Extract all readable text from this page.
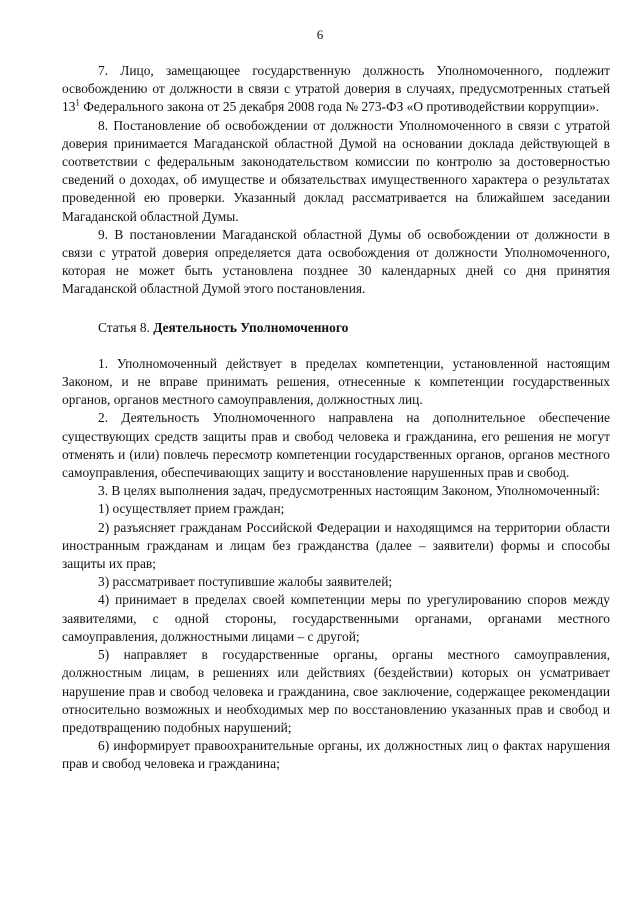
6

7. Лицо, замещающее государственную должность Уполномоченного, подлежит освобождению от должности в связи с утратой доверия в случаях, предусмотренных статьей $13^1$ Федерального закона от 25 декабря 2008 года № 273-ФЗ «О противодействии коррупции».

8. Постановление об освобождении от должности Уполномоченного в связи с утратой доверия принимается Магаданской областной Думой на основании доклада действующей в соответствии с федеральным законодательством комиссии по контролю за достоверностью сведений о доходах, об имуществе и обязательствах имущественного характера о результатах проведенной ею проверки. Указанный доклад рассматривается на ближайшем заседании Магаданской областной Думы.

9. В постановлении Магаданской областной Думы об освобождении от должности в связи с утратой доверия определяется дата освобождения от должности Уполномоченного, которая не может быть установлена позднее 30 календарных дней со дня принятия Магаданской областной Думой этого постановления.

Статья 8. Деятельность Уполномоченного

1. Уполномоченный действует в пределах компетенции, установленной настоящим Законом, и не вправе принимать решения, отнесенные к компетенции государственных органов, органов местного самоуправления, должностных лиц.

2. Деятельность Уполномоченного направлена на дополнительное обеспечение существующих средств защиты прав и свобод человека и гражданина, его решения не могут отменять и (или) повлечь пересмотр компетенции государственных органов, органов местного самоуправления, обеспечивающих защиту и восстановление нарушенных прав и свобод.

3. В целях выполнения задач, предусмотренных настоящим Законом, Уполномоченный:

1) осуществляет прием граждан;

2) разъясняет гражданам Российской Федерации и находящимся на территории области иностранным гражданам и лицам без гражданства (далее – заявители) формы и способы защиты их прав;

3) рассматривает поступившие жалобы заявителей;

4) принимает в пределах своей компетенции меры по урегулированию споров между заявителями, с одной стороны, государственными органами, органами местного самоуправления, должностными лицами – с другой;

5) направляет в государственные органы, органы местного самоуправления, должностным лицам, в решениях или действиях (бездействии) которых он усматривает нарушение прав и свобод человека и гражданина, свое заключение, содержащее рекомендации относительно возможных и необходимых мер по восстановлению указанных прав и свобод и предотвращению подобных нарушений;

6) информирует правоохранительные органы, их должностных лиц о фактах нарушения прав и свобод человека и гражданина;
